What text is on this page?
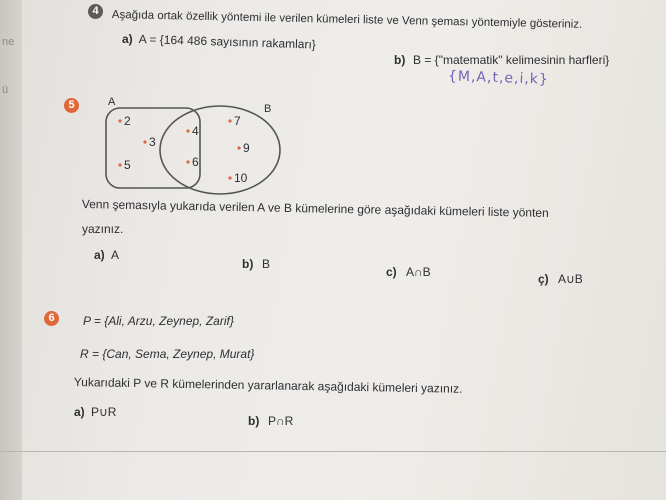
ne
ü
4	Aşağıda ortak özellik yöntemi ile verilen kümeleri liste ve Venn şeması yöntemiyle gösteriniz.
a) A = {164 486 sayısının rakamları}
b) B = {"matematik" kelimesinin harfleri}
{M,A,t,e,i,k}
5	A
B
2
3
5
4
6
7
9
10
Venn şemasıyla yukarıda verilen A ve B kümelerine göre aşağıdaki kümeleri liste yönten
yazınız.
a) A
b) B
c) A∩B	ç) A∪B
6	P = {Ali, Arzu, Zeynep, Zarif}
R = {Can, Sema, Zeynep, Murat}
Yukarıdaki P ve R kümelerinden yararlanarak aşağıdaki kümeleri yazınız.
a) P∪R
b) P∩R
